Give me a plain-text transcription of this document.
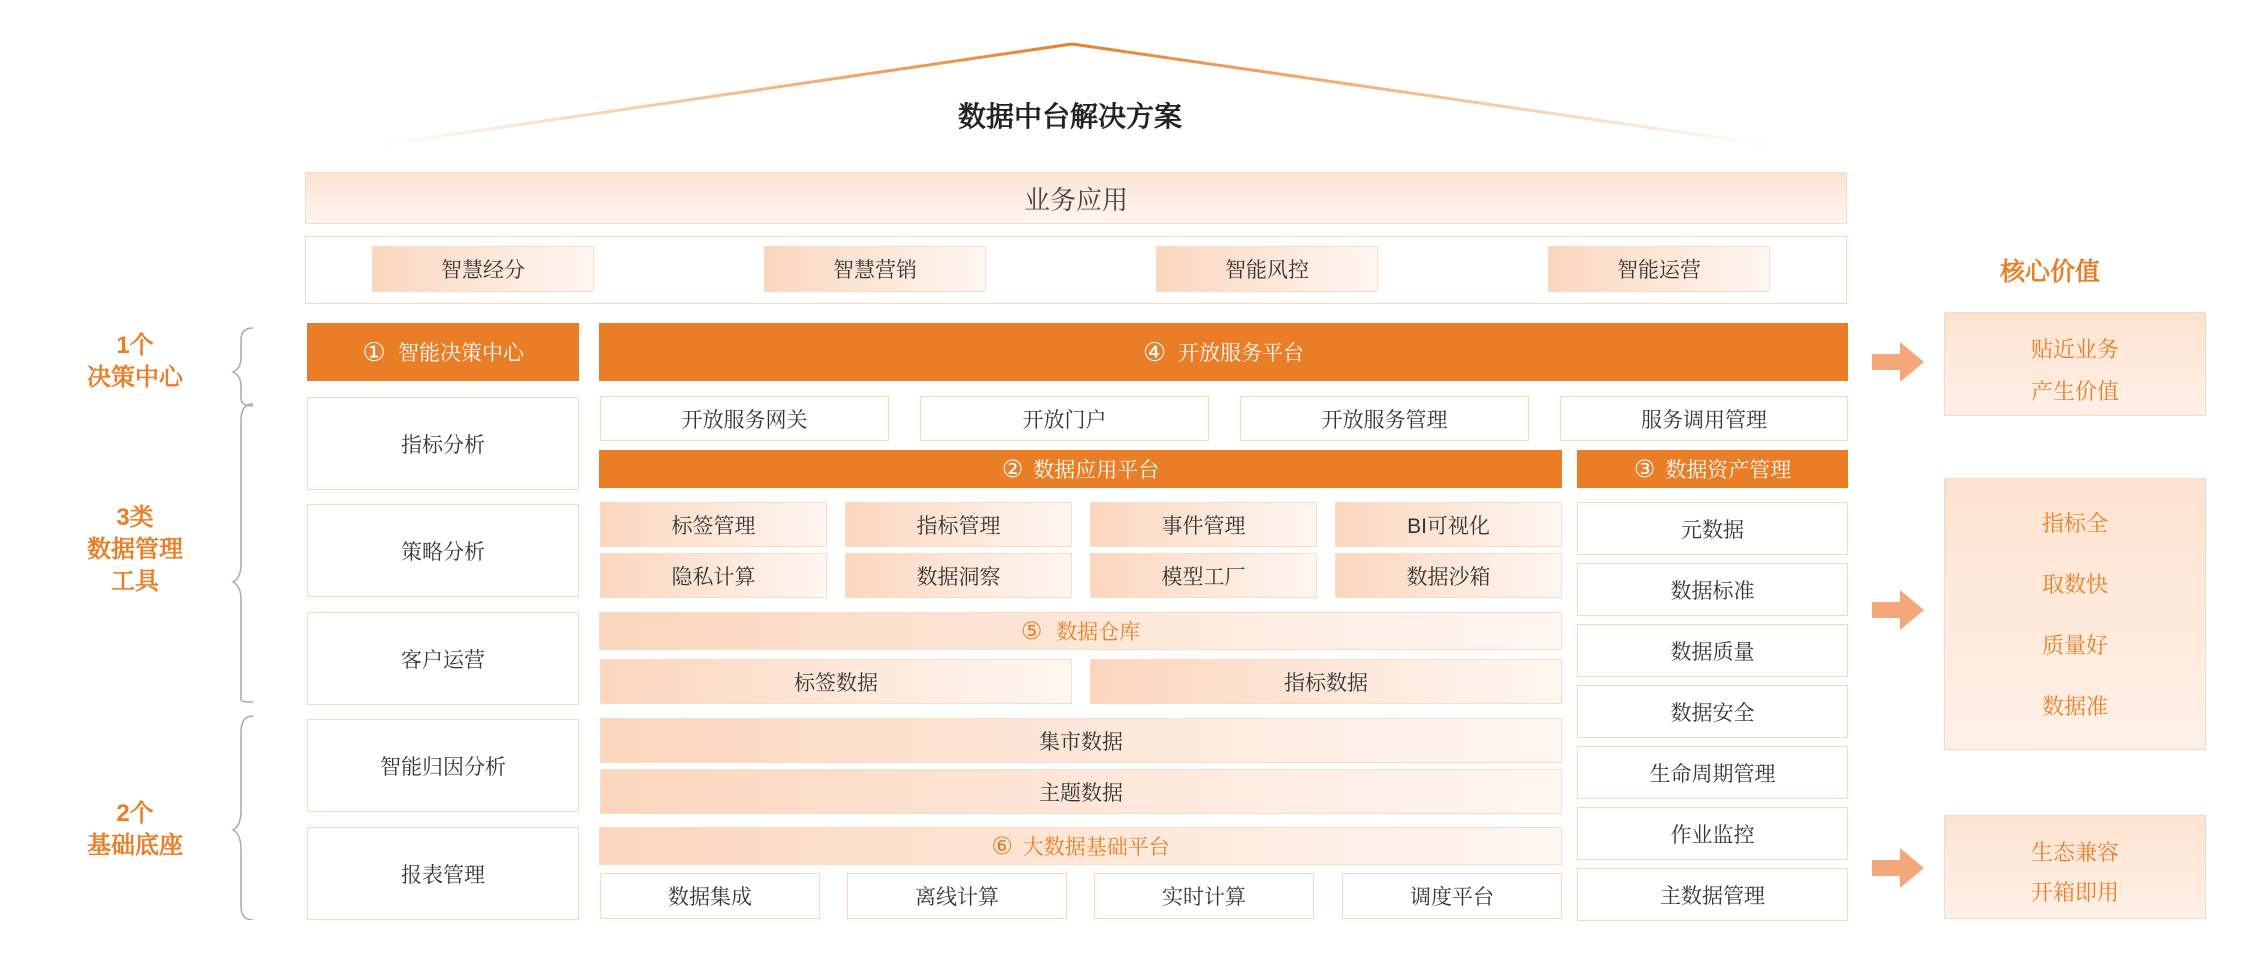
数据中台解决方案
业务应用
智慧经分	智慧营销	智能风控	智能运营
1个
决策中心
3类
数据管理
工具
2个
基础底座
① 智能决策中心
指标分析
策略分析
客户运营
智能归因分析
报表管理
④ 开放服务平台
开放服务网关	开放门户	开放服务管理	服务调用管理
② 数据应用平台
标签管理	指标管理	事件管理	BI可视化
隐私计算	数据洞察	模型工厂	数据沙箱
⑤ 数据仓库
标签数据	指标数据
集市数据
主题数据
⑥ 大数据基础平台
数据集成	离线计算	实时计算	调度平台
③ 数据资产管理
元数据
数据标准
数据质量
数据安全
生命周期管理
作业监控
主数据管理
核心价值
贴近业务
产生价值
指标全
取数快
质量好
数据准
生态兼容
开箱即用
